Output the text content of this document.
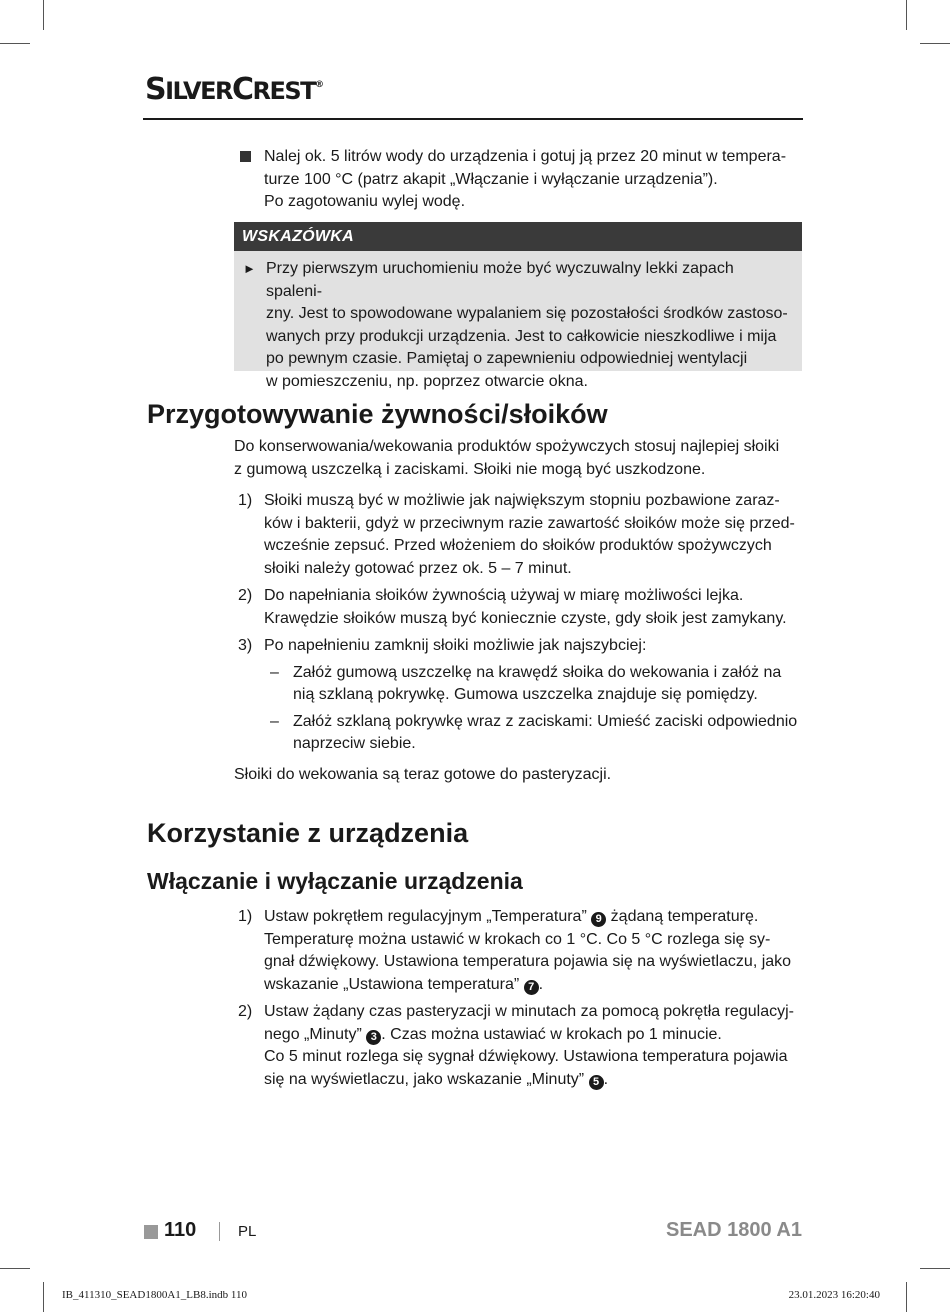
SILVERCREST®
Nalej ok. 5 litrów wody do urządzenia i gotuj ją przez 20 minut w tempera-
turze 100 °C (patrz akapit „Włączanie i wyłączanie urządzenia”).
Po zagotowaniu wylej wodę.
WSKAZÓWKA
► Przy pierwszym uruchomieniu może być wyczuwalny lekki zapach spaleni-
zny. Jest to spowodowane wypalaniem się pozostałości środków zastoso-
wanych przy produkcji urządzenia. Jest to całkowicie nieszkodliwe i mija
po pewnym czasie. Pamiętaj o zapewnieniu odpowiedniej wentylacji
w pomieszczeniu, np. poprzez otwarcie okna.
Przygotowywanie żywności/słoików
Do konserwowania/wekowania produktów spożywczych stosuj najlepiej słoiki
z gumową uszczelką i zaciskami. Słoiki nie mogą być uszkodzone.
1) Słoiki muszą być w możliwie jak największym stopniu pozbawione zaraz-
ków i bakterii, gdyż w przeciwnym razie zawartość słoików może się przed-
wcześnie zepsuć. Przed włożeniem do słoików produktów spożywczych
słoiki należy gotować przez ok. 5 – 7 minut.
2) Do napełniania słoików żywnością używaj w miarę możliwości lejka.
Krawędzie słoików muszą być koniecznie czyste, gdy słoik jest zamykany.
3) Po napełnieniu zamknij słoiki możliwie jak najszybciej:
– Załóż gumową uszczelkę na krawędź słoika do wekowania i załóż na
nią szklaną pokrywkę. Gumowa uszczelka znajduje się pomiędzy.
– Załóż szklaną pokrywkę wraz z zaciskami: Umieść zaciski odpowiednio
naprzeciw siebie.
Słoiki do wekowania są teraz gotowe do pasteryzacji.
Korzystanie z urządzenia
Włączanie i wyłączanie urządzenia
1) Ustaw pokrętłem regulacyjnym „Temperatura” 9 żądaną temperaturę.
Temperaturę można ustawić w krokach co 1 °C. Co 5 °C rozlega się sy-
gnał dźwiękowy. Ustawiona temperatura pojawia się na wyświetlaczu, jako
wskazanie „Ustawiona temperatura” 7 .
2) Ustaw żądany czas pasteryzacji w minutach za pomocą pokrętła regulacyj-
nego „Minuty” 3 . Czas można ustawiać w krokach po 1 minucie.
Co 5 minut rozlega się sygnał dźwiękowy. Ustawiona temperatura pojawia
się na wyświetlaczu, jako wskazanie „Minuty” 5 .
110	PL	SEAD 1800 A1
IB_411310_SEAD1800A1_LB8.indb 110	23.01.2023 16:20:40
